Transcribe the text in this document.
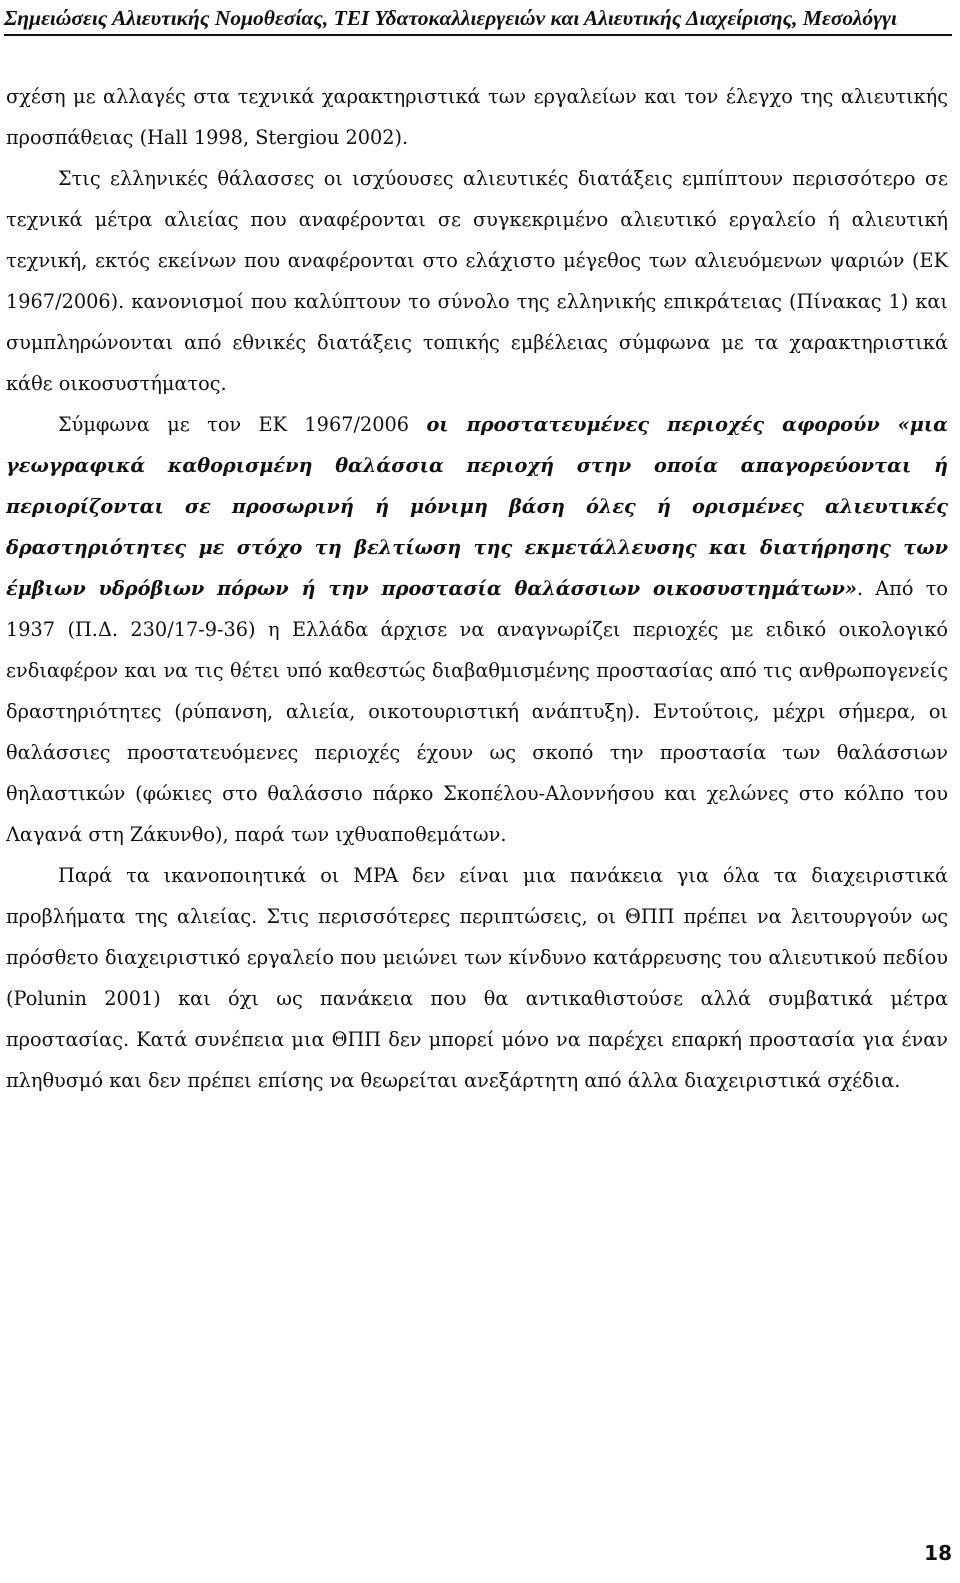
Σημειώσεις Αλιευτικής Νομοθεσίας, ΤΕΙ Υδατοκαλλιεργειών και Αλιευτικής Διαχείρισης, Μεσολόγγι

σχέση με αλλαγές στα τεχνικά χαρακτηριστικά των εργαλείων και τον έλεγχο της αλιευτικής προσπάθειας (Hall 1998, Stergiou 2002).

Στις ελληνικές θάλασσες οι ισχύουσες αλιευτικές διατάξεις εμπίπτουν περισσότερο σε τεχνικά μέτρα αλιείας που αναφέρονται σε συγκεκριμένο αλιευτικό εργαλείο ή αλιευτική τεχνική, εκτός εκείνων που αναφέρονται στο ελάχιστο μέγεθος των αλιευόμενων ψαριών (ΕΚ 1967/2006). κανονισμοί που καλύπτουν το σύνολο της ελληνικής επικράτειας (Πίνακας 1) και συμπληρώνονται από εθνικές διατάξεις τοπικής εμβέλειας σύμφωνα με τα χαρακτηριστικά κάθε οικοσυστήματος.

Σύμφωνα με τον ΕΚ 1967/2006 οι προστατευμένες περιοχές αφορούν «μια γεωγραφικά καθορισμένη θαλάσσια περιοχή στην οποία απαγορεύονται ή περιορίζονται σε προσωρινή ή μόνιμη βάση όλες ή ορισμένες αλιευτικές δραστηριότητες με στόχο τη βελτίωση της εκμετάλλευσης και διατήρησης των έμβιων υδρόβιων πόρων ή την προστασία θαλάσσιων οικοσυστημάτων». Από το 1937 (Π.Δ. 230/17-9-36) η Ελλάδα άρχισε να αναγνωρίζει περιοχές με ειδικό οικολογικό ενδιαφέρον και να τις θέτει υπό καθεστώς διαβαθμισμένης προστασίας από τις ανθρωπογενείς δραστηριότητες (ρύπανση, αλιεία, οικοτουριστική ανάπτυξη). Εντούτοις, μέχρι σήμερα, οι θαλάσσιες προστατευόμενες περιοχές έχουν ως σκοπό την προστασία των θαλάσσιων θηλαστικών (φώκιες στο θαλάσσιο πάρκο Σκοπέλου-Αλοννήσου και χελώνες στο κόλπο του Λαγανά στη Ζάκυνθο), παρά των ιχθυαποθεμάτων.

Παρά τα ικανοποιητικά οι MPA δεν είναι μια πανάκεια για όλα τα διαχειριστικά προβλήματα της αλιείας. Στις περισσότερες περιπτώσεις, οι ΘΠΠ πρέπει να λειτουργούν ως πρόσθετο διαχειριστικό εργαλείο που μειώνει των κίνδυνο κατάρρευσης του αλιευτικού πεδίου (Polunin 2001) και όχι ως πανάκεια που θα αντικαθιστούσε αλλά συμβατικά μέτρα προστασίας. Κατά συνέπεια μια ΘΠΠ δεν μπορεί μόνο να παρέχει επαρκή προστασία για έναν πληθυσμό και δεν πρέπει επίσης να θεωρείται ανεξάρτητη από άλλα διαχειριστικά σχέδια.

18
